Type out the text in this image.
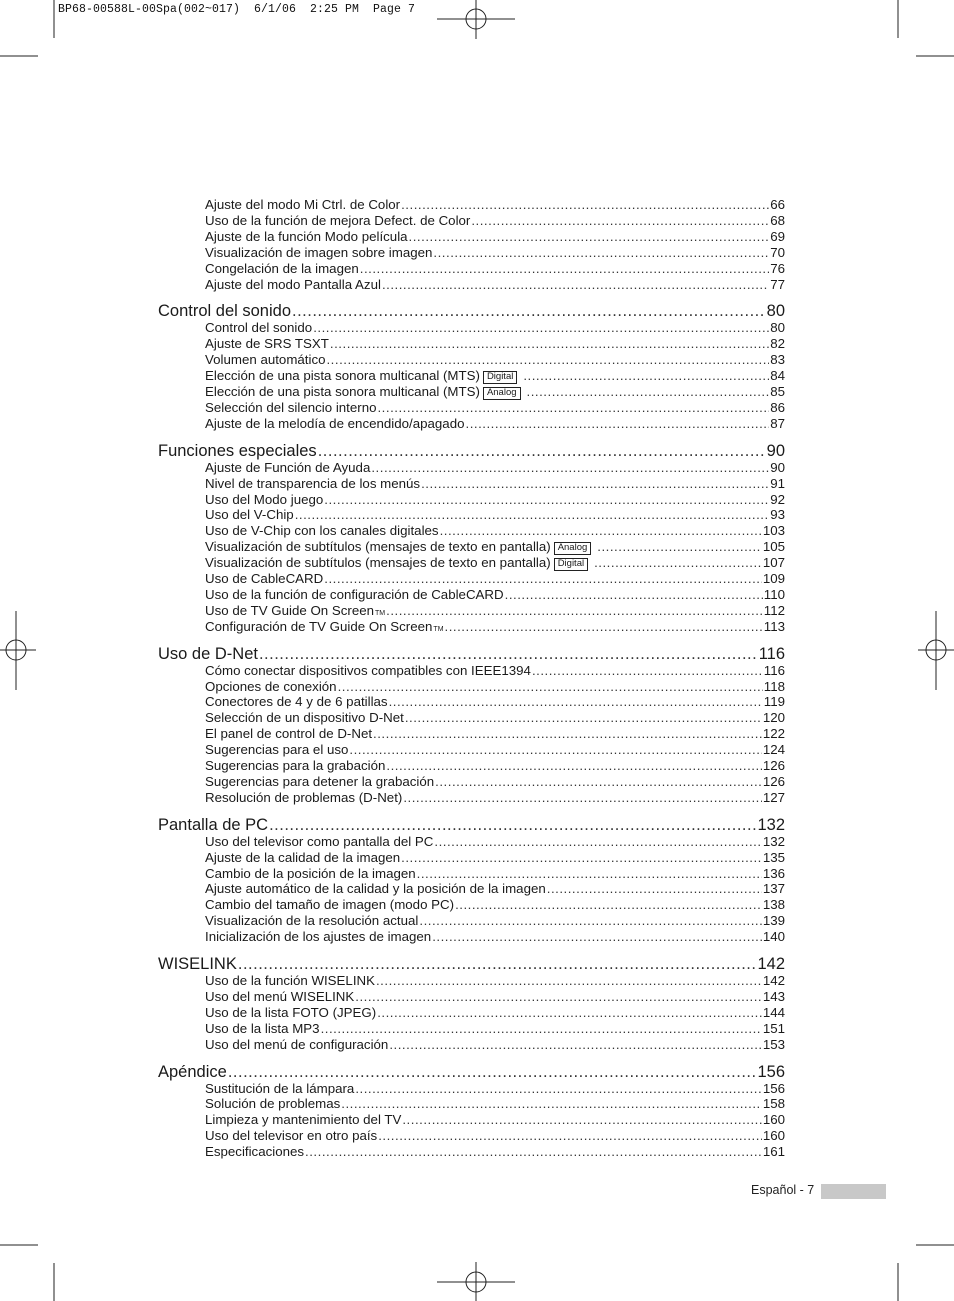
BP68-00588L-00Spa(002~017)  6/1/06  2:25 PM  Page 7
Ajuste del modo Mi Ctrl. de Color .....	66
Uso de la función de mejora Defect. de Color .....	68
Ajuste de la función Modo película .....	69
Visualización de imagen sobre imagen .....	70
Congelación de la imagen .....	76
Ajuste del modo Pantalla Azul .....	77
Control del sonido .....	80
Control del sonido .....	80
Ajuste de SRS TSXT .....	82
Volumen automático .....	83
Elección de una pista sonora multicanal (MTS) Digital .....	84
Elección de una pista sonora multicanal (MTS) Analog .....	85
Selección del silencio interno .....	86
Ajuste de la melodía de encendido/apagado .....	87
Funciones especiales .....	90
Ajuste de Función de Ayuda .....	90
Nivel de transparencia de los menús .....	91
Uso del Modo juego .....	92
Uso del V-Chip .....	93
Uso de V-Chip con los canales digitales .....	103
Visualización de subtítulos (mensajes de texto en pantalla) Analog .....	105
Visualización de subtítulos (mensajes de texto en pantalla) Digital .....	107
Uso de CableCARD .....	109
Uso de la función de configuración de CableCARD .....	110
Uso de TV Guide On Screen TM .....	112
Configuración de TV Guide On Screen TM .....	113
Uso de D-Net .....	116
Cómo conectar dispositivos compatibles con IEEE1394 .....	116
Opciones de conexión .....	118
Conectores de 4 y de 6 patillas .....	119
Selección de un dispositivo D-Net .....	120
El panel de control de D-Net .....	122
Sugerencias para el uso .....	124
Sugerencias para la grabación .....	126
Sugerencias para detener la grabación .....	126
Resolución de problemas (D-Net) .....	127
Pantalla de PC .....	132
Uso del televisor como pantalla del PC .....	132
Ajuste de la calidad de la imagen .....	135
Cambio de la posición de la imagen .....	136
Ajuste automático de la calidad y la posición de la imagen .....	137
Cambio del tamaño de imagen (modo PC) .....	138
Visualización de la resolución actual .....	139
Inicialización de los ajustes de imagen .....	140
WISELINK .....	142
Uso de la función WISELINK .....	142
Uso del menú WISELINK .....	143
Uso de la lista FOTO (JPEG) .....	144
Uso de la lista MP3 .....	151
Uso del menú de configuración .....	153
Apéndice .....	156
Sustitución de la lámpara .....	156
Solución de problemas .....	158
Limpieza y mantenimiento del TV .....	160
Uso del televisor en otro país .....	160
Especificaciones .....	161
Español - 7
